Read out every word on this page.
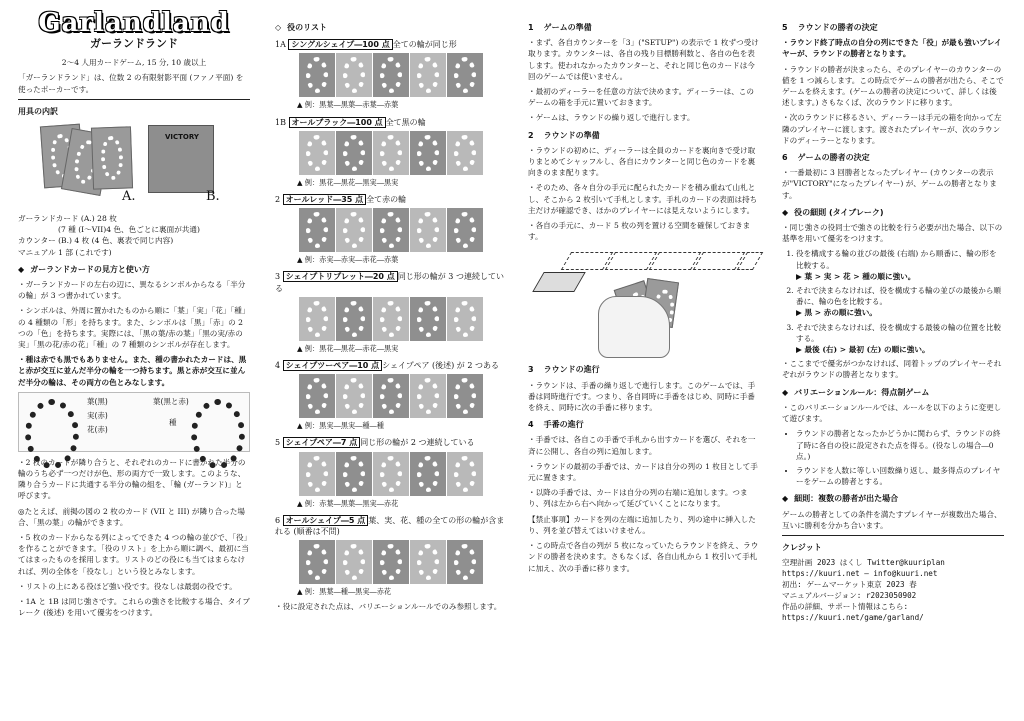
Garlandland
ガーランドランド

2〜4 人用カードゲーム, 15 分, 10 歳以上

「ガーランドランド」は、位数 2 の有限射影平面 (ファノ平面) を使ったポーカーです。

用具の内訳
VICTORY
A.	B.
ガーランドカード (A.) 28 枚
(7 種 (I〜VII)4 色、色ごとに裏面が共通)
カウンター (B.) 4 枚 (4 色、裏表で同じ内容)
マニュアル 1 部 (これです)
◆ ガーランドカードの見方と使い方

・ガーランドカードの左右の辺に、異なるシンボルからなる「半分の輪」が 3 つ書かれています。

・シンボルは、外周に置かれたものから順に「葉」「実」「花」「種」の 4 種類の「形」を持ちます。また、シンボルは「黒」「赤」の 2 つの「色」を持ちます。実際には、「黒の葉/赤の葉」「黒の実/赤の実」「黒の花/赤の花」「種」の 7 種類のシンボルが存在します。

・種は赤でも黒でもありません。また、種の書かれたカードは、黒と赤が交互に並んだ半分の輪を一つ持ちます。黒と赤が交互に並んだ半分の輪は、その両方の色とみなします。

葉(黒)
実(赤)
花(赤)
葉(黒と赤)
種

・2 枚のカードが隣り合うと、それぞれのカードに書かれた半分の輪のうち必ず一つだけが色、形の両方で一致します。このような、隣り合うカードに共通する半分の輪の組を、「輪 (ガーランド)」と呼びます。

◎たとえば、前掲の図の 2 枚のカード (VII と III) が隣り合った場合、「黒の葉」の輪ができます。

・5 枚のカードからなる列によってできた 4 つの輪の並びで、「役」を作ることができます。「役のリスト」を上から順に調べ、最初に当てはまったものを採用します。リストのどの役にも当てはまらなければ、列の全体を「役なし」という役とみなします。

・リストの上にある役ほど強い役です。役なしは最弱の役です。

・1A と 1B は同じ強さです。これらの強さを比較する場合、タイブレーク (後述) を用いて優劣をつけます。

◇ 役のリスト
1A シングルシェイプ―100 点 全ての輪が同じ形
▲ 例：黒葉―黒葉―赤葉―赤葉
1B オールブラック―100 点 全て黒の輪
▲ 例：黒花―黒花―黒実―黒実
2 オールレッド―35 点 全て赤の輪
▲ 例：赤実―赤実―赤花―赤葉
3 シェイプトリプレット―20 点 同じ形の輪が 3 つ連続している
▲ 例：黒花―黒花―赤花―黒実
4 シェイプツーペア―10 点 シェイプペア (後述) が 2 つある
▲ 例：黒実―黒実―種―種
5 シェイプペア―7 点 同じ形の輪が 2 つ連続している
▲ 例：赤葉―黒葉―黒実―赤花
6 オールシェイプ―5 点 葉、実、花、種の全ての形の輪が含まれる (順番は不問)
▲ 例：黒葉―種―黒実―赤花

・役に設定された点は、バリエーションルールでのみ参照します。

1 ゲームの準備

・まず、各自カウンターを「3」("SETUP") の表示で 1 枚ずつ受け取ります。カウンターは、各自の残り目標勝利数と、各自の色を表します。使われなかったカウンターと、それと同じ色のカードは今回のゲームでは使いません。

・最初のディーラーを任意の方法で決めます。ディーラーは、このゲームの箱を手元に置いておきます。

・ゲームは、ラウンドの繰り返しで進行します。

2 ラウンドの準備

・ラウンドの初めに、ディーラーは全員のカードを裏向きで受け取りまとめてシャッフルし、各自にカウンターと同じ色のカードを裏向きのまま配ります。

・そのため、各々自分の手元に配られたカードを積み重ねて山札とし、そこから 2 枚引いて手札とします。手札のカードの表面は持ち主だけが確認でき、ほかのプレイヤーには見えないようにします。

・各自の手元に、カード 5 枚の列を置ける空間を確保しておきます。

3 ラウンドの進行

・ラウンドは、手番の繰り返しで進行します。このゲームでは、手番は同時進行です。つまり、各自同時に手番をはじめ、同時に手番を終え、同時に次の手番に移ります。

4 手番の進行

・手番では、各自この手番で手札から出すカードを選び、それを一斉に公開し、各自の列に追加します。

・ラウンドの最初の手番では、カードは自分の列の 1 枚目として手元に置きます。

・以降の手番では、カードは自分の列の右端に追加します。つまり、列は左から右へ向かって延びていくことになります。

【禁止事項】カードを列の左端に追加したり、列の途中に挿入したり、列を並び替えてはいけません。

・この時点で各自の列が 5 枚になっていたらラウンドを終え、ラウンドの勝者を決めます。さもなくば、各自山札から 1 枚引いて手札に加え、次の手番に移ります。

5 ラウンドの勝者の決定

・ラウンド終了時点の自分の列にできた「役」が最も強いプレイヤーが、ラウンドの勝者となります。

・ラウンドの勝者が決まったら、そのプレイヤーのカウンターの値を 1 つ減らします。この時点でゲームの勝者が出たら、そこでゲームを終えます。(ゲームの勝者の決定について、詳しくは後述します。) さもなくば、次のラウンドに移ります。

・次のラウンドに移るさい、ディーラーは手元の箱を向かって左隣のプレイヤーに渡します。渡されたプレイヤーが、次のラウンドのディーラーとなります。

6 ゲームの勝者の決定

・一番最初に 3 回勝者となったプレイヤー (カウンターの表示が"VICTORY"になったプレイヤー) が、ゲームの勝者となります。

◆ 役の細則 (タイブレーク)

・同じ強さの役同士で強さの比較を行う必要が出た場合、以下の基準を用いて優劣をつけます。

1. 役を構成する輪の並びの最後 (右端) から順番に、輪の形を比較する。
▶ 葉 > 実 > 花 > 種の順に強い。
2. それで決まらなければ、役を構成する輪の並びの最後から順番に、輪の色を比較する。
▶ 黒 > 赤の順に強い。
3. それで決まらなければ、役を構成する最後の輪の位置を比較する。
▶ 最後 (右) > 最初 (左) の順に強い。

・ここまでで優劣がつかなければ、同着トップのプレイヤーそれぞれがラウンドの勝者となります。

◆ バリエーションルール：得点制ゲーム

・このバリエーションルールでは、ルールを以下のように変更して遊びます。

• ラウンドの勝者となったかどうかに関わらず、ラウンドの終了時に各自の役に設定された点を得る。(役なしの場合―0 点。)
• ラウンドを人数に等しい回数繰り返し、最多得点のプレイヤーをゲームの勝者とする。
◆ 細則：複数の勝者が出た場合

ゲームの勝者としての条件を満たすプレイヤーが複数出た場合、互いに勝利を分かち合います。

クレジット
空理計画 2023 はくし Twitter@kuuriplan
https://kuuri.net ― info@kuuri.net
初出: ゲームマーケット東京 2023 春
マニュアルバージョン: r2023050902
作品の詳細、サポート情報はこちら:
https://kuuri.net/game/garland/
